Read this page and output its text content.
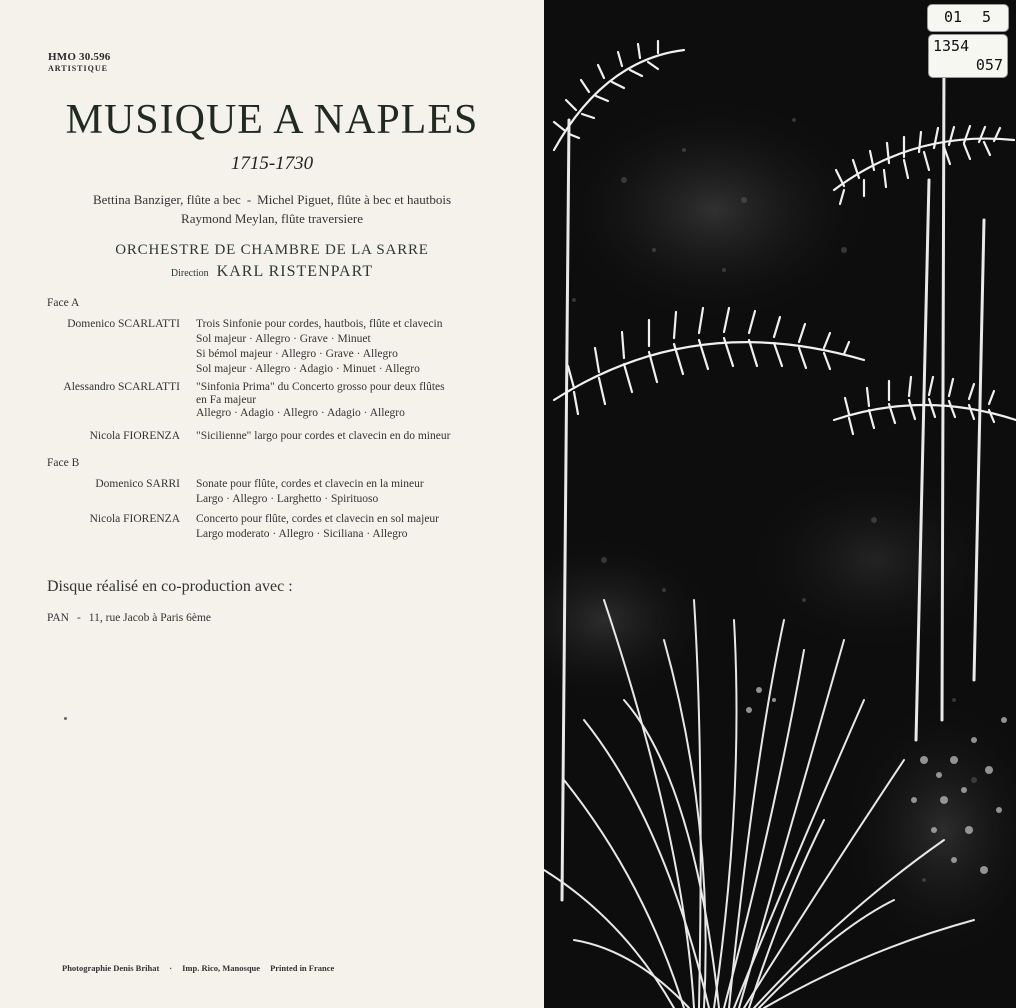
HMO 30.596
ARTISTIQUE
MUSIQUE A NAPLES
1715-1730
Bettina Banziger, flûte a bec - Michel Piguet, flûte à bec et hautbois
Raymond Meylan, flûte traversiere
ORCHESTRE DE CHAMBRE DE LA SARRE
Direction KARL RISTENPART
Face A
Domenico SCARLATTI Trois Sinfonie pour cordes, hautbois, flûte et clavecin
Sol majeur · Allegro · Grave · Minuet
Si bémol majeur · Allegro · Grave · Allegro
Sol majeur · Allegro · Adagio · Minuet · Allegro
Alessandro SCARLATTI "Sinfonia Prima" du Concerto grosso pour deux flûtes
en Fa majeur
Allegro · Adagio · Allegro · Adagio · Allegro
Nicola FIORENZA "Sicilienne" largo pour cordes et clavecin en do mineur
Face B
Domenico SARRI Sonate pour flûte, cordes et clavecin en la mineur
Largo · Allegro · Larghetto · Spirituoso
Nicola FIORENZA Concerto pour flûte, cordes et clavecin en sol majeur
Largo moderato · Allegro · Siciliana · Allegro
Disque réalisé en co-production avec :
PAN - 11, rue Jacob à Paris 6ème
Photographie Denis Brihat · Imp. Rico, Manosque Printed in France
01 5
1354
057
